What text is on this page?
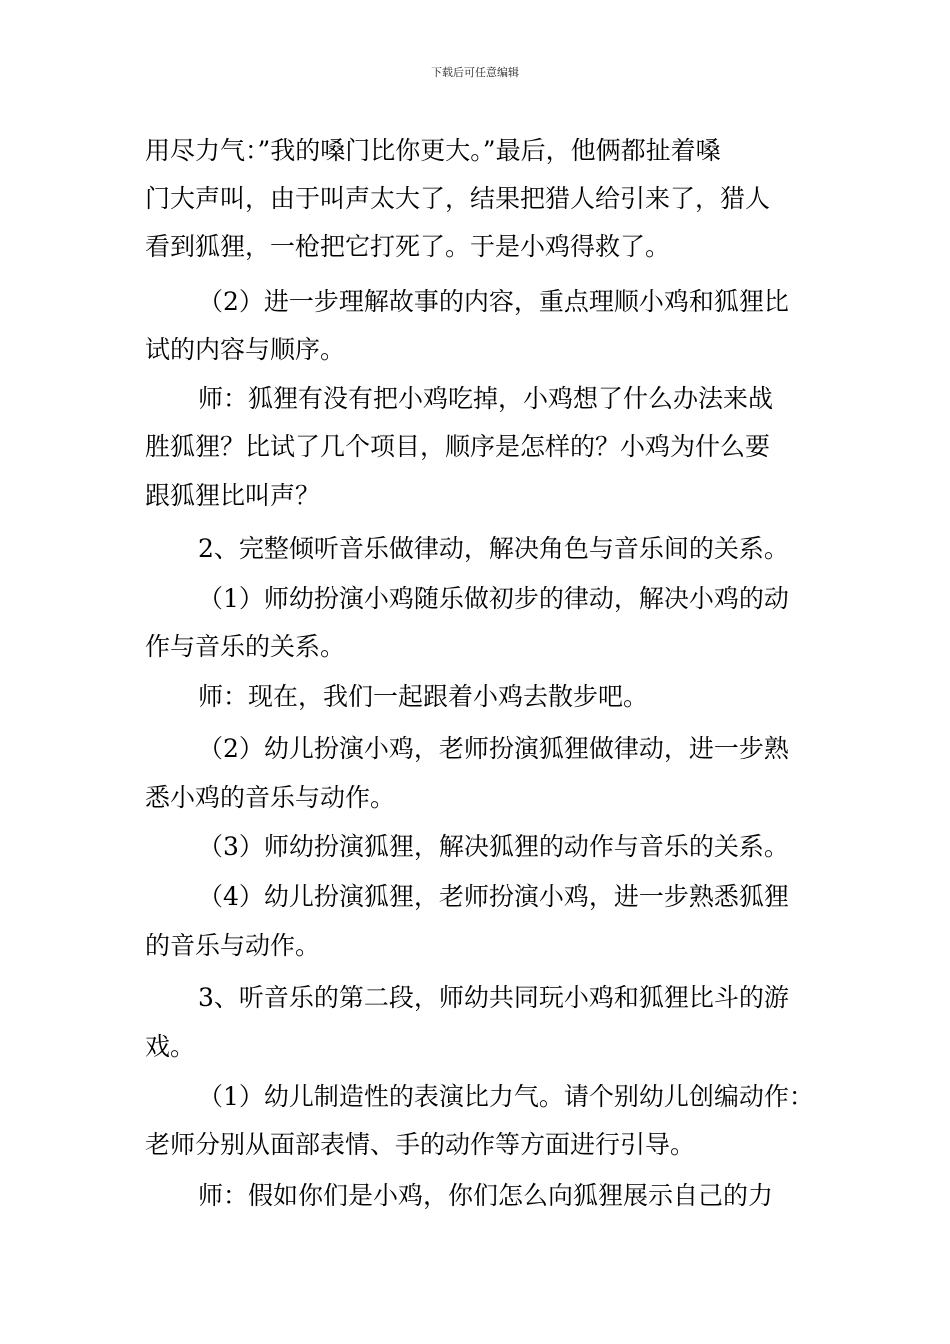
下载后可任意编辑
用尽力气：”我的嗓门比你更大。”最后，他俩都扯着嗓
门大声叫，由于叫声太大了，结果把猎人给引来了，猎人
看到狐狸，一枪把它打死了。于是小鸡得救了。
（2）进一步理解故事的内容，重点理顺小鸡和狐狸比
试的内容与顺序。
师：狐狸有没有把小鸡吃掉，小鸡想了什么办法来战
胜狐狸？比试了几个项目，顺序是怎样的？小鸡为什么要
跟狐狸比叫声？
2、完整倾听音乐做律动，解决角色与音乐间的关系。
（1）师幼扮演小鸡随乐做初步的律动，解决小鸡的动
作与音乐的关系。
师：现在，我们一起跟着小鸡去散步吧。
（2）幼儿扮演小鸡，老师扮演狐狸做律动，进一步熟
悉小鸡的音乐与动作。
（3）师幼扮演狐狸，解决狐狸的动作与音乐的关系。
（4）幼儿扮演狐狸，老师扮演小鸡，进一步熟悉狐狸
的音乐与动作。
3、听音乐的第二段，师幼共同玩小鸡和狐狸比斗的游
戏。
（1）幼儿制造性的表演比力气。请个别幼儿创编动作：
老师分别从面部表情、手的动作等方面进行引导。
师：假如你们是小鸡，你们怎么向狐狸展示自己的力
